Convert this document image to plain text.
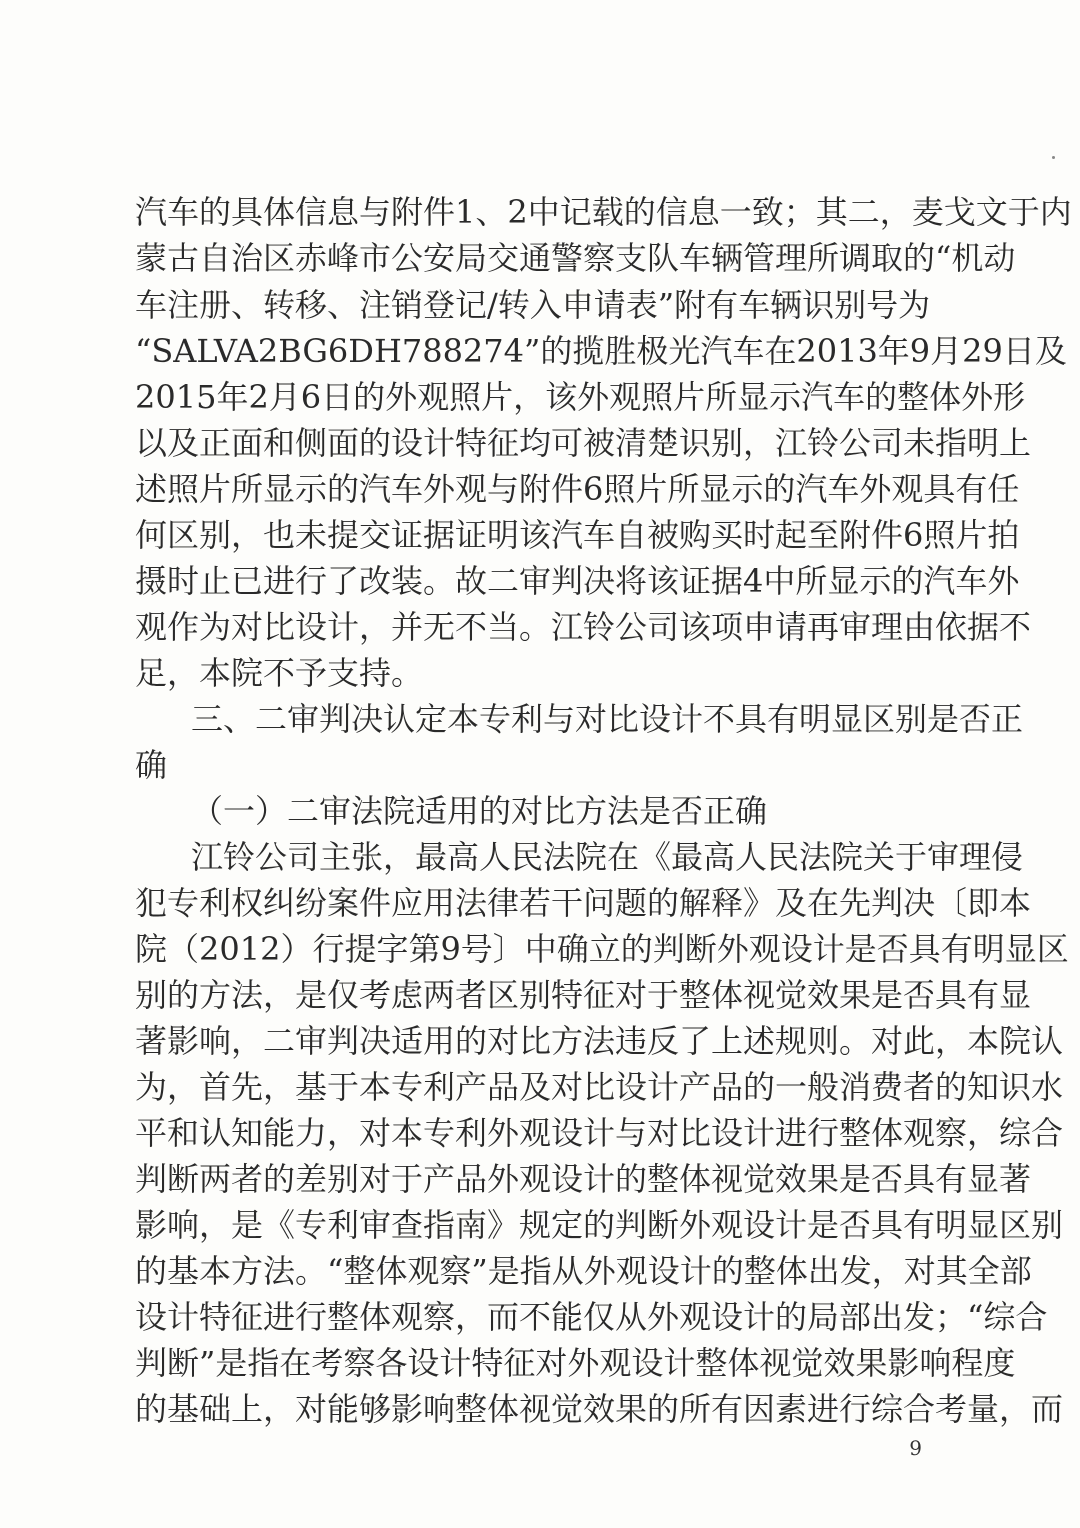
汽车的具体信息与附件1、2中记载的信息一致；其二，麦戈文于内
蒙古自治区赤峰市公安局交通警察支队车辆管理所调取的“机动
车注册、转移、注销登记/转入申请表”附有车辆识别号为
“SALVA2BG6DH788274”的揽胜极光汽车在2013年9月29日及
2015年2月6日的外观照片，该外观照片所显示汽车的整体外形
以及正面和侧面的设计特征均可被清楚识别，江铃公司未指明上
述照片所显示的汽车外观与附件6照片所显示的汽车外观具有任
何区别，也未提交证据证明该汽车自被购买时起至附件6照片拍
摄时止已进行了改装。故二审判决将该证据4中所显示的汽车外
观作为对比设计，并无不当。江铃公司该项申请再审理由依据不
足，本院不予支持。
三、二审判决认定本专利与对比设计不具有明显区别是否正
确
（一）二审法院适用的对比方法是否正确
江铃公司主张，最高人民法院在《最高人民法院关于审理侵
犯专利权纠纷案件应用法律若干问题的解释》及在先判决〔即本
院（2012）行提字第9号〕中确立的判断外观设计是否具有明显区
别的方法，是仅考虑两者区别特征对于整体视觉效果是否具有显
著影响，二审判决适用的对比方法违反了上述规则。对此，本院认
为，首先，基于本专利产品及对比设计产品的一般消费者的知识水
平和认知能力，对本专利外观设计与对比设计进行整体观察，综合
判断两者的差别对于产品外观设计的整体视觉效果是否具有显著
影响，是《专利审查指南》规定的判断外观设计是否具有明显区别
的基本方法。“整体观察”是指从外观设计的整体出发，对其全部
设计特征进行整体观察，而不能仅从外观设计的局部出发；“综合
判断”是指在考察各设计特征对外观设计整体视觉效果影响程度
的基础上，对能够影响整体视觉效果的所有因素进行综合考量，而
9
